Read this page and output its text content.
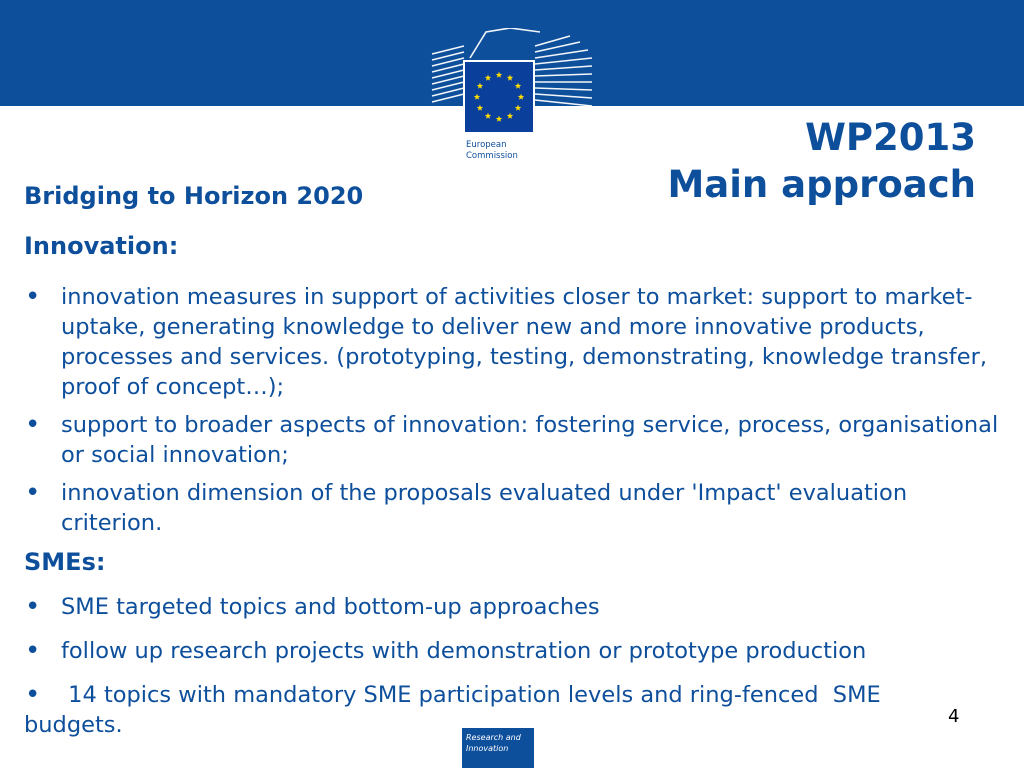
European
Commission	WP2013
Main approach
Bridging to Horizon 2020
Innovation:
• innovation measures in support of activities closer to market: support to market-uptake, generating knowledge to deliver new and more innovative products, processes and services. (prototyping, testing, demonstrating, knowledge transfer, proof of concept…);
• support to broader aspects of innovation: fostering service, process, organisational or social innovation;
• innovation dimension of the proposals evaluated under 'Impact' evaluation criterion.
SMEs:
• SME targeted topics and bottom-up approaches
• follow up research projects with demonstration or prototype production
• 14 topics with mandatory SME participation levels and ring-fenced  SME budgets.	4
Research and
Innovation
